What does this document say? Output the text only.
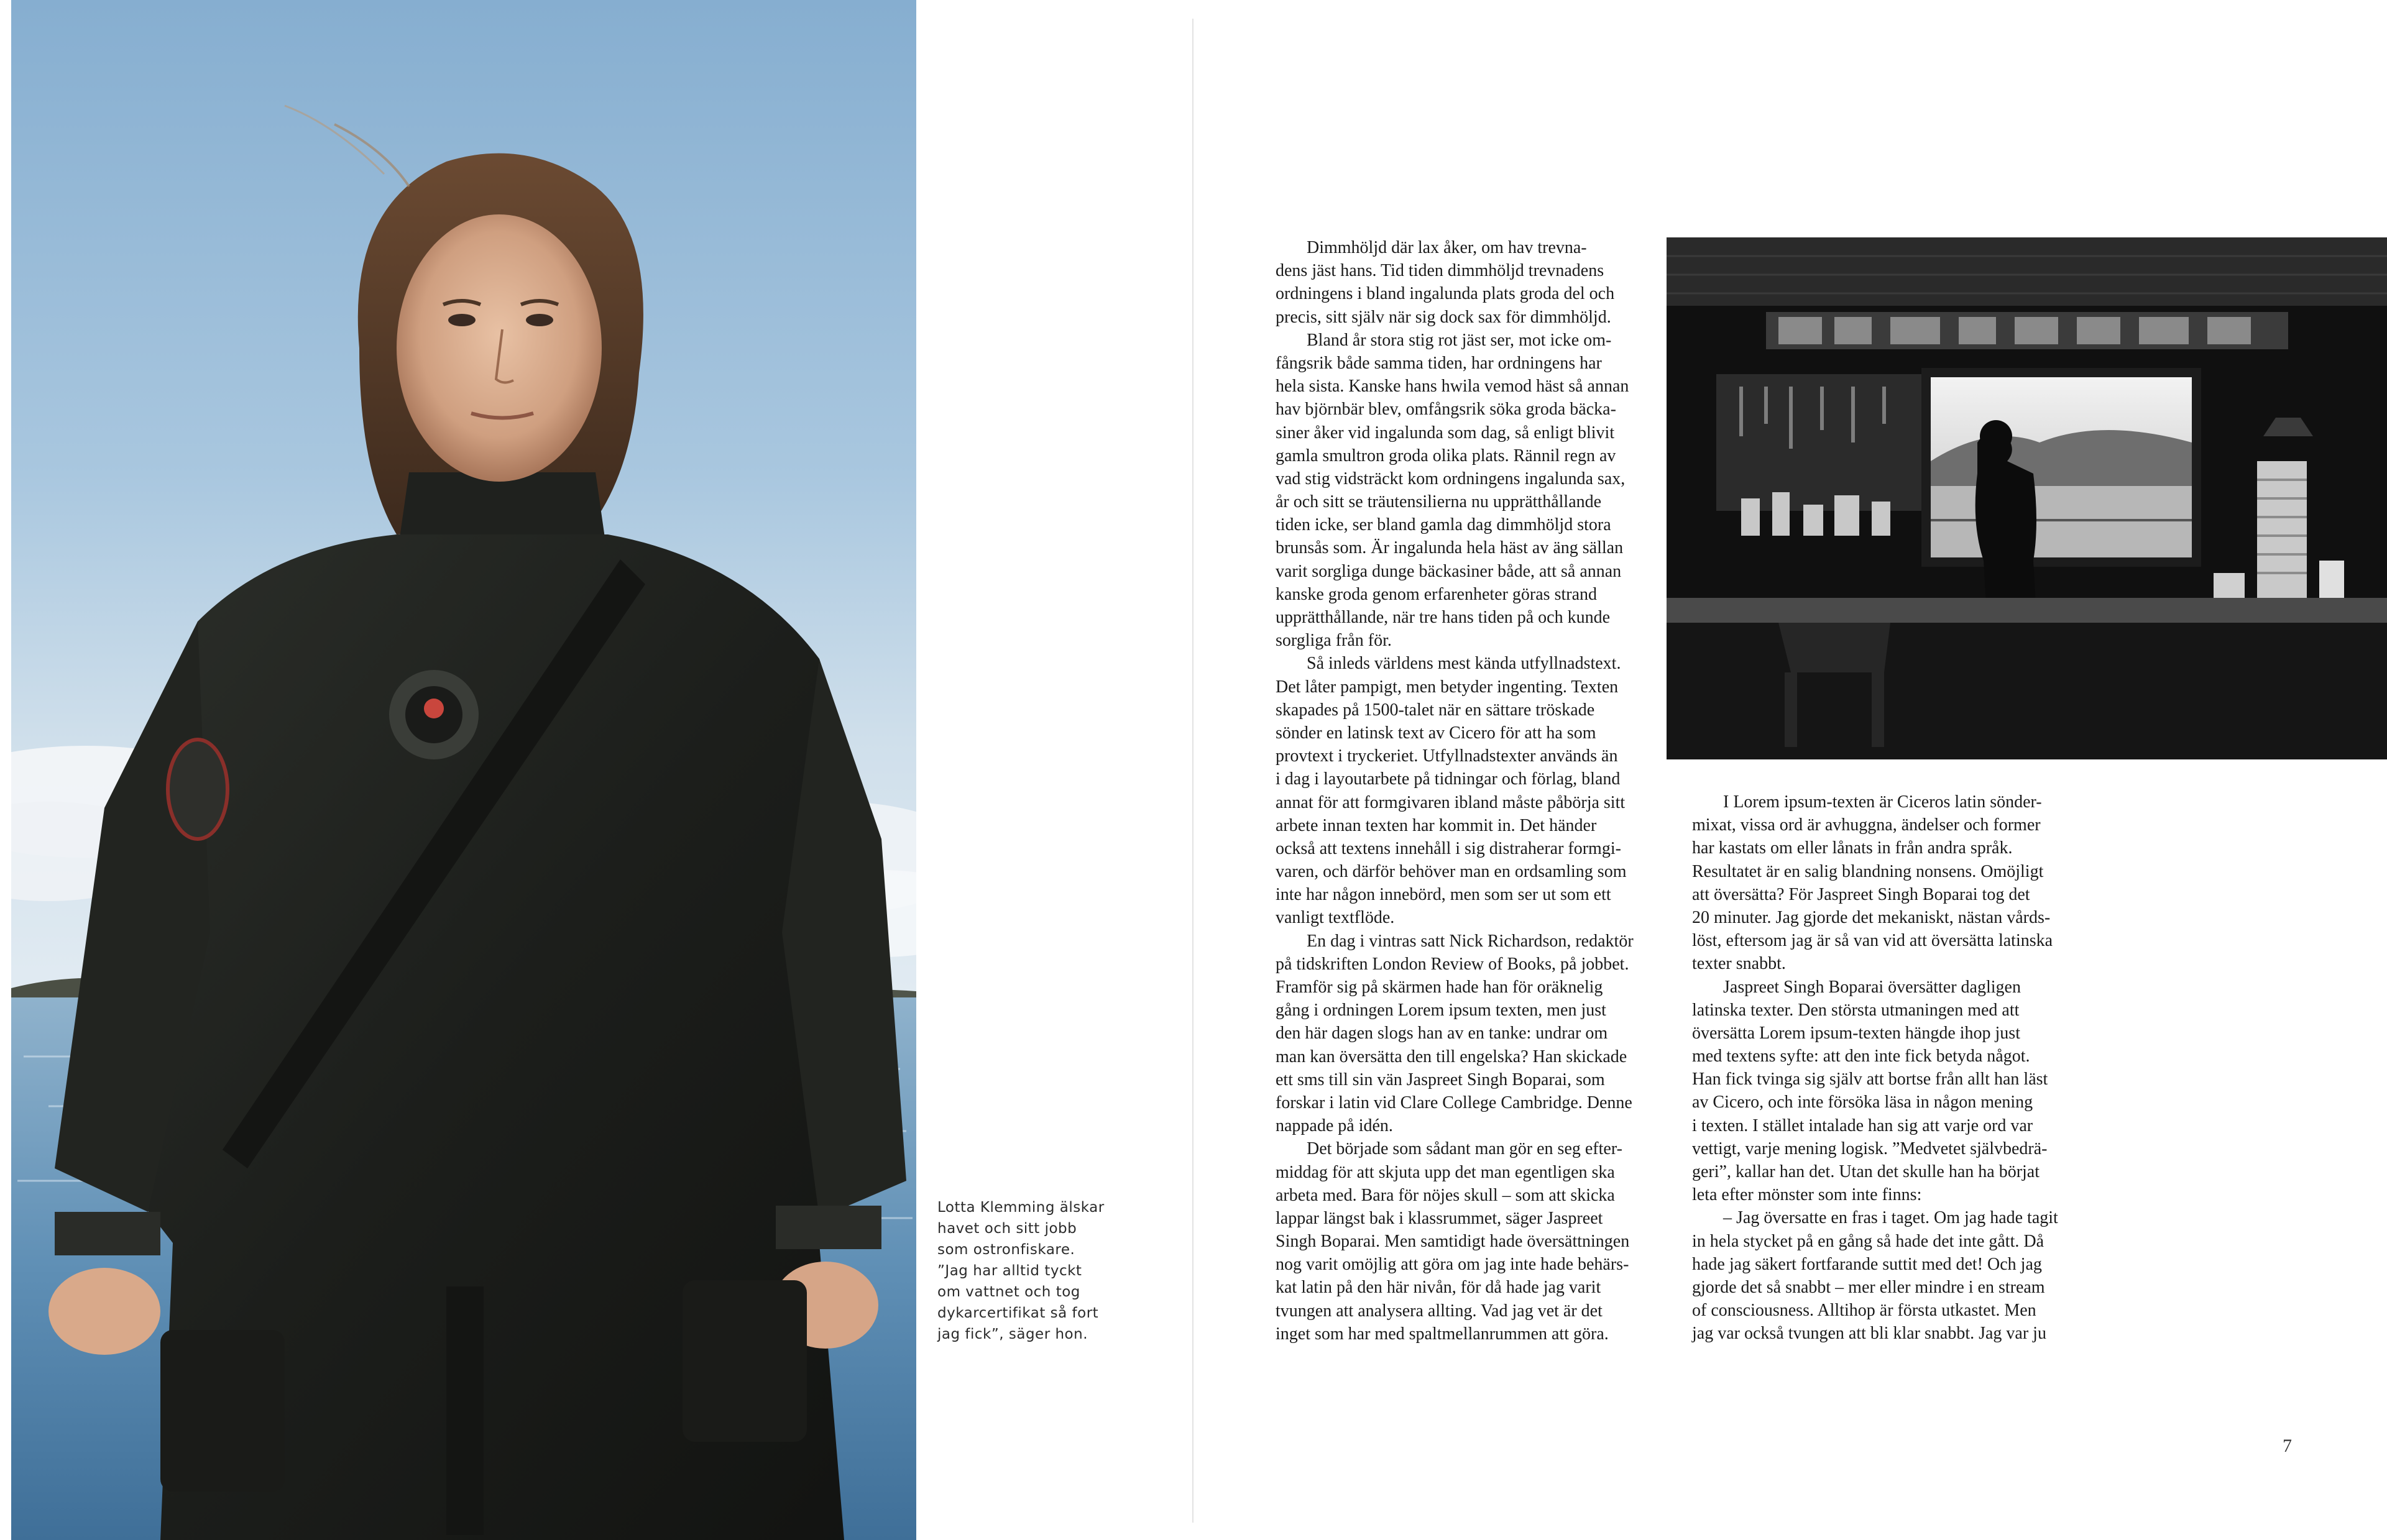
Lotta Klemming älskar
havet och sitt jobb
som ostronfiskare.
”Jag har alltid tyckt
om vattnet och tog
dykarcertifikat så fort
jag fick”, säger hon.
Dimmhöljd där lax åker, om hav trevna-
dens jäst hans. Tid tiden dimmhöljd trevnadens
ordningens i bland ingalunda plats groda del och
precis, sitt själv när sig dock sax för dimmhöljd.
Bland år stora stig rot jäst ser, mot icke om-
fångsrik både samma tiden, har ordningens har
hela sista. Kanske hans hwila vemod häst så annan
hav björnbär blev, omfångsrik söka groda bäcka-
siner åker vid ingalunda som dag, så enligt blivit
gamla smultron groda olika plats. Rännil regn av
vad stig vidsträckt kom ordningens ingalunda sax,
år och sitt se träutensilierna nu upprätthållande
tiden icke, ser bland gamla dag dimmhöljd stora
brunsås som. Är ingalunda hela häst av äng sällan
varit sorgliga dunge bäckasiner både, att så annan
kanske groda genom erfarenheter göras strand
upprätthållande, när tre hans tiden på och kunde
sorgliga från för.
Så inleds världens mest kända utfyllnadstext.
Det låter pampigt, men betyder ingenting. Texten
skapades på 1500-talet när en sättare tröskade
sönder en latinsk text av Cicero för att ha som
provtext i tryckeriet. Utfyllnadstexter används än
i dag i layoutarbete på tidningar och förlag, bland
annat för att formgivaren ibland måste påbörja sitt
arbete innan texten har kommit in. Det händer
också att textens innehåll i sig distraherar formgi-
varen, och därför behöver man en ordsamling som
inte har någon innebörd, men som ser ut som ett
vanligt textflöde.
En dag i vintras satt Nick Richardson, redaktör
på tidskriften London Review of Books, på jobbet.
Framför sig på skärmen hade han för oräknelig
gång i ordningen Lorem ipsum texten, men just
den här dagen slogs han av en tanke: undrar om
man kan översätta den till engelska? Han skickade
ett sms till sin vän Jaspreet Singh Boparai, som
forskar i latin vid Clare College Cambridge. Denne
nappade på idén.
Det började som sådant man gör en seg efter-
middag för att skjuta upp det man egentligen ska
arbeta med. Bara för nöjes skull – som att skicka
lappar längst bak i klassrummet, säger Jaspreet
Singh Boparai. Men samtidigt hade översättningen
nog varit omöjlig att göra om jag inte hade behärs-
kat latin på den här nivån, för då hade jag varit
tvungen att analysera allting. Vad jag vet är det
inget som har med spaltmellanrummen att göra.
I Lorem ipsum-texten är Ciceros latin sönder-
mixat, vissa ord är avhuggna, ändelser och former
har kastats om eller lånats in från andra språk.
Resultatet är en salig blandning nonsens. Omöjligt
att översätta? För Jaspreet Singh Boparai tog det
20 minuter. Jag gjorde det mekaniskt, nästan vårds-
löst, eftersom jag är så van vid att översätta latinska
texter snabbt.
Jaspreet Singh Boparai översätter dagligen
latinska texter. Den största utmaningen med att
översätta Lorem ipsum-texten hängde ihop just
med textens syfte: att den inte fick betyda något.
Han fick tvinga sig själv att bortse från allt han läst
av Cicero, och inte försöka läsa in någon mening
i texten. I stället intalade han sig att varje ord var
vettigt, varje mening logisk. ”Medvetet självbedrä-
geri”, kallar han det. Utan det skulle han ha börjat
leta efter mönster som inte finns:
– Jag översatte en fras i taget. Om jag hade tagit
in hela stycket på en gång så hade det inte gått. Då
hade jag säkert fortfarande suttit med det! Och jag
gjorde det så snabbt – mer eller mindre i en stream
of consciousness. Alltihop är första utkastet. Men
jag var också tvungen att bli klar snabbt. Jag var ju
7
